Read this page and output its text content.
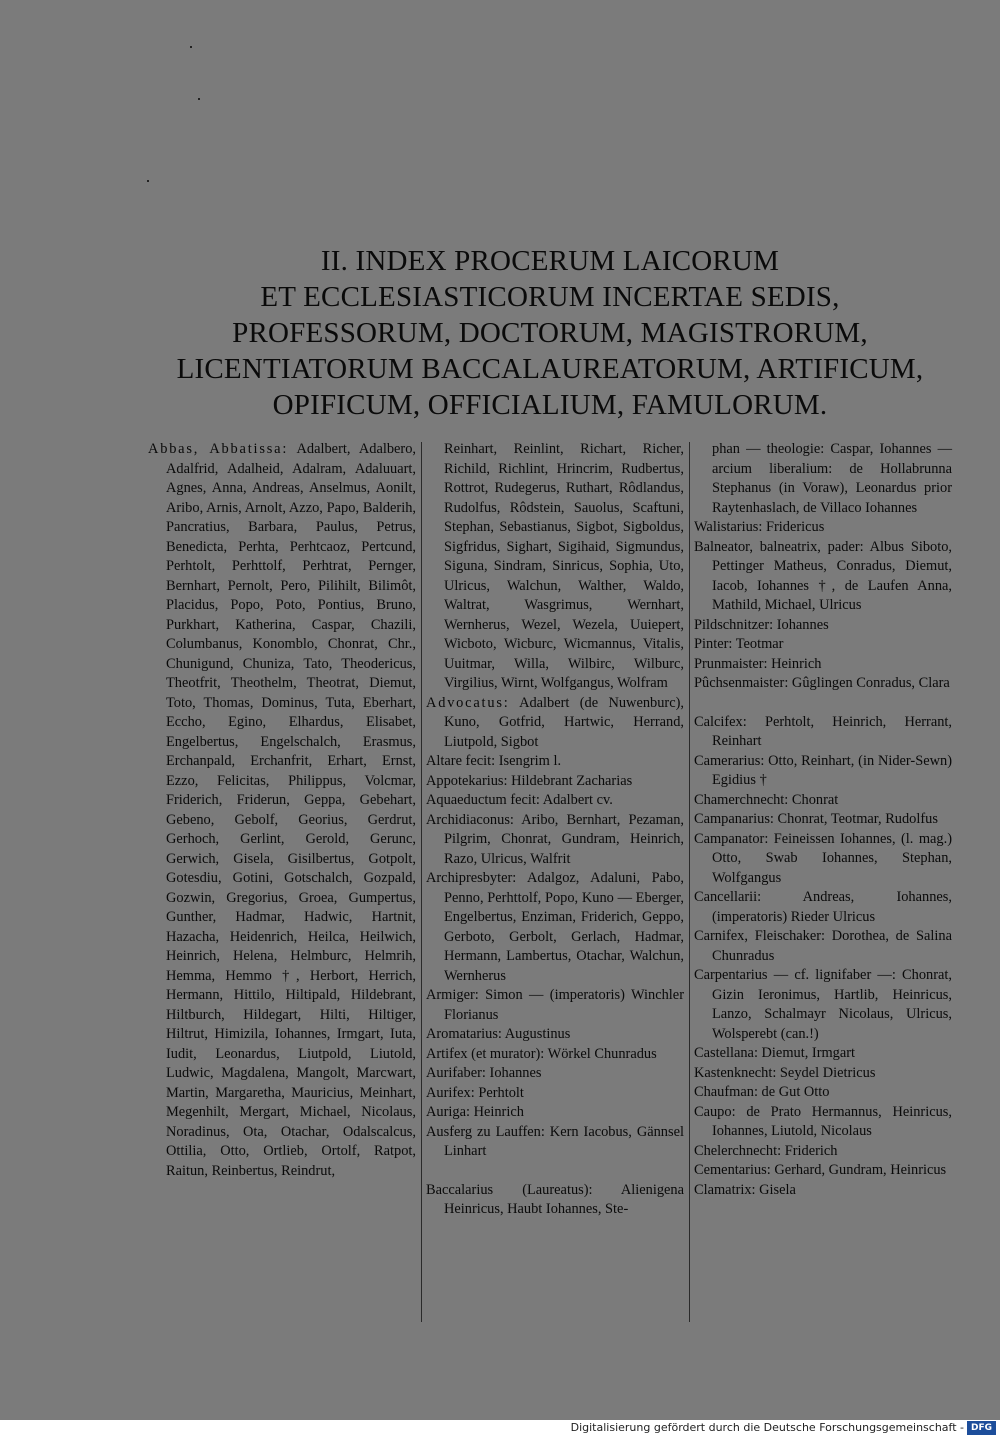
II. INDEX PROCERUM LAICORUM
ET ECCLESIASTICORUM INCERTAE SEDIS,
PROFESSORUM, DOCTORUM, MAGISTRORUM,
LICENTIATORUM BACCALAUREATORUM, ARTIFICUM,
OPIFICUM, OFFICIALIUM, FAMULORUM.
Abbas, Abbatissa: Adalbert, Adalbero, Adalfrid, Adalheid, Adalram, Adaluuart, Agnes, Anna, Andreas, Anselmus, Aonilt, Aribo, Arnis, Arnolt, Azzo, Papo, Balderih, Pancratius, Barbara, Paulus, Petrus, Benedicta, Perhta, Perhtcaoz, Pertcund, Perhtolt, Perhttolf, Perhtrat, Pernger, Bernhart, Pernolt, Pero, Pilihilt, Bilimôt, Placidus, Popo, Poto, Pontius, Bruno, Purkhart, Katherina, Caspar, Chazili, Columbanus, Konomblo, Chonrat, Chr., Chunigund, Chuniza, Tato, Theodericus, Theotfrit, Theothelm, Theotrat, Diemut, Toto, Thomas, Dominus, Tuta, Eberhart, Eccho, Egino, Elhardus, Elisabet, Engelbertus, Engelschalch, Erasmus, Erchanpald, Erchanfrit, Erhart, Ernst, Ezzo, Felicitas, Philippus, Volcmar, Friderich, Friderun, Geppa, Gebehart, Gebeno, Gebolf, Georius, Gerdrut, Gerhoch, Gerlint, Gerold, Gerunc, Gerwich, Gisela, Gisilbertus, Gotpolt, Gotesdiu, Gotini, Gotschalch, Gozpald, Gozwin, Gregorius, Groea, Gumpertus, Gunther, Hadmar, Hadwic, Hartnit, Hazacha, Heidenrich, Heilca, Heilwich, Heinrich, Helena, Helmburc, Helmrih, Hemma, Hemmo †, Herbort, Herrich, Hermann, Hittilo, Hiltipald, Hildebrant, Hiltburch, Hildegart, Hilti, Hiltiger, Hiltrut, Himizila, Iohannes, Irmgart, Iuta, Iudit, Leonardus, Liutpold, Liutold, Ludwic, Magdalena, Mangolt, Marcwart, Martin, Margaretha, Mauricius, Meinhart, Megenhilt, Mergart, Michael, Nicolaus, Noradinus, Ota, Otachar, Odalscalcus, Ottilia, Otto, Ortlieb, Ortolf, Ratpot, Raitun, Reinbertus, Reindrut,
Reinhart, Reinlint, Richart, Richer, Richild, Richlint, Hrincrim, Rudbertus, Rottrot, Rudegerus, Ruthart, Rôdlandus, Rudolfus, Rôdstein, Sauolus, Scaftuni, Stephan, Sebastianus, Sigbot, Sigboldus, Sigfridus, Sighart, Sigihaid, Sigmundus, Siguna, Sindram, Sinricus, Sophia, Uto, Ulricus, Walchun, Walther, Waldo, Waltrat, Wasgrimus, Wernhart, Wernherus, Wezel, Wezela, Uuiepert, Wicboto, Wicburc, Wicmannus, Vitalis, Uuitmar, Willa, Wilbirc, Wilburc, Virgilius, Wirnt, Wolfgangus, Wolfram
Advocatus: Adalbert (de Nuwenburc), Kuno, Gotfrid, Hartwic, Herrand, Liutpold, Sigbot
Altare fecit: Isengrim l.
Appotekarius: Hildebrant Zacharias
Aquaeductum fecit: Adalbert cv.
Archidiaconus: Aribo, Bernhart, Pezaman, Pilgrim, Chonrat, Gundram, Heinrich, Razo, Ulricus, Walfrit
Archipresbyter: Adalgoz, Adaluni, Pabo, Penno, Perhttolf, Popo, Kuno — Eberger, Engelbertus, Enziman, Friderich, Geppo, Gerboto, Gerbolt, Gerlach, Hadmar, Hermann, Lambertus, Otachar, Walchun, Wernherus
Armiger: Simon — (imperatoris) Winchler Florianus
Aromatarius: Augustinus
Artifex (et murator): Wörkel Chunradus
Aurifaber: Iohannes
Aurifex: Perhtolt
Auriga: Heinrich
Ausferg zu Lauffen: Kern Iacobus, Gännsel Linhart
Baccalarius (Laureatus): Alienigena Heinricus, Haubt Iohannes, Ste-
phan — theologie: Caspar, Iohannes — arcium liberalium: de Hollabrunna Stephanus (in Voraw), Leonardus prior Raytenhaslach, de Villaco Iohannes
Walistarius: Fridericus
Balneator, balneatrix, pader: Albus Siboto, Pettinger Matheus, Conradus, Diemut, Iacob, Iohannes †, de Laufen Anna, Mathild, Michael, Ulricus
Pildschnitzer: Iohannes
Pinter: Teotmar
Prunmaister: Heinrich
Pûchsenmaister: Gûglingen Conradus, Clara
Calcifex: Perhtolt, Heinrich, Herrant, Reinhart
Camerarius: Otto, Reinhart, (in Nider-Sewn) Egidius †
Chamerchnecht: Chonrat
Campanarius: Chonrat, Teotmar, Rudolfus
Campanator: Feineissen Iohannes, (l. mag.) Otto, Swab Iohannes, Stephan, Wolfgangus
Cancellarii: Andreas, Iohannes, (imperatoris) Rieder Ulricus
Carnifex, Fleischaker: Dorothea, de Salina Chunradus
Carpentarius — cf. lignifaber —: Chonrat, Gizin Ieronimus, Hartlib, Heinricus, Lanzo, Schalmayr Nicolaus, Ulricus, Wolsperebt (can.!)
Castellana: Diemut, Irmgart
Kastenknecht: Seydel Dietricus
Chaufman: de Gut Otto
Caupo: de Prato Hermannus, Heinricus, Iohannes, Liutold, Nicolaus
Chelerchnecht: Friderich
Cementarius: Gerhard, Gundram, Heinricus
Clamatrix: Gisela
Digitalisierung gefördert durch die Deutsche Forschungsgemeinschaft - DFG
